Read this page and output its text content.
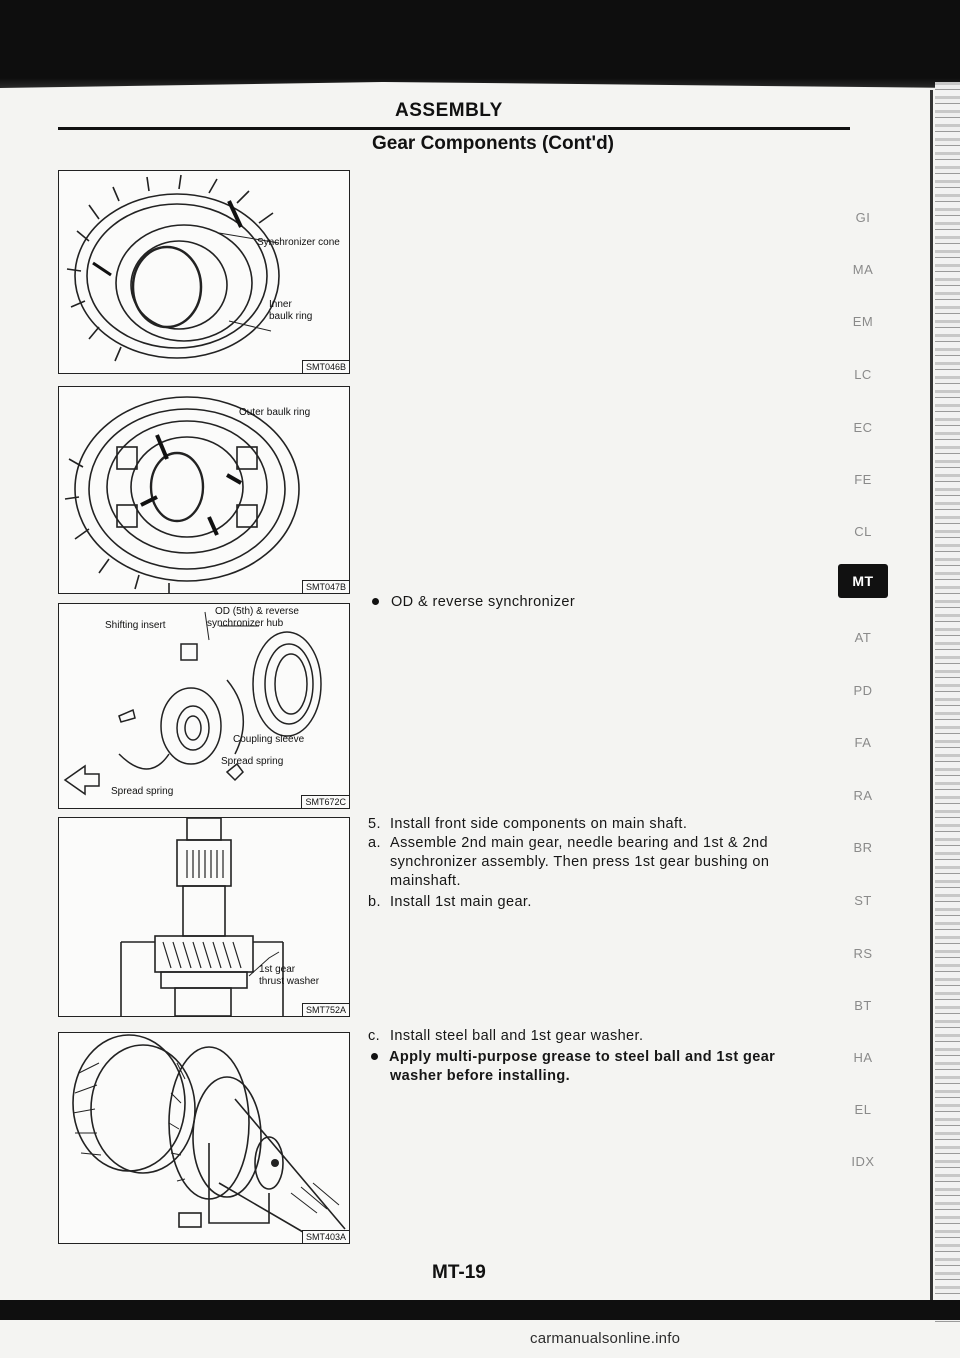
ASSEMBLY
Gear Components (Cont'd)
Synchronizer cone
Inner
baulk ring
SMT046B
Outer baulk ring
SMT047B
OD (5th) & reverse
synchronizer hub
Shifting insert
Coupling sleeve
Spread spring
Spread spring
SMT672C
1st gear
thrust washer
SMT752A
SMT403A
OD & reverse synchronizer
5. Install front side components on main shaft.
a. Assemble 2nd main gear, needle bearing and 1st & 2nd
synchronizer assembly. Then press 1st gear bushing on
mainshaft.
b. Install 1st main gear.
c. Install steel ball and 1st gear washer.
Apply multi-purpose grease to steel ball and 1st gear
washer before installing.
GI
MA
EM
LC
EC
FE
CL
MT
AT
PD
FA
RA
BR
ST
RS
BT
HA
EL
IDX
MT-19
carmanualsonline.info
